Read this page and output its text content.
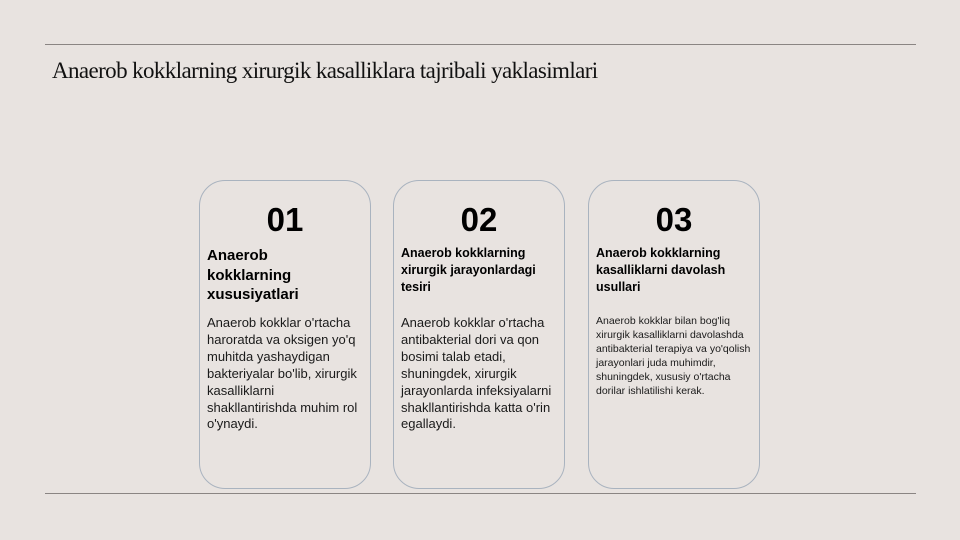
Anaerob kokklarning xirurgik kasalliklara tajribali yaklasimlari
01
Anaerob kokklarning xususiyatlari
Anaerob kokklar o'rtacha haroratda va oksigen yo'q muhitda yashaydigan bakteriyalar bo'lib, xirurgik kasalliklarni shakllantirishda muhim rol o'ynaydi.
02
Anaerob kokklarning xirurgik jarayonlardagi tesiri
Anaerob kokklar o'rtacha antibakterial dori va qon bosimi talab etadi, shuningdek, xirurgik jarayonlarda infeksiyalarni shakllantirishda katta o'rin egallaydi.
03
Anaerob kokklarning kasalliklarni davolash usullari
Anaerob kokklar bilan bog'liq xirurgik kasalliklarni davolashda antibakterial terapiya va yo'qolish jarayonlari juda muhimdir, shuningdek, xususiy o'rtacha dorilar ishlatilishi kerak.
